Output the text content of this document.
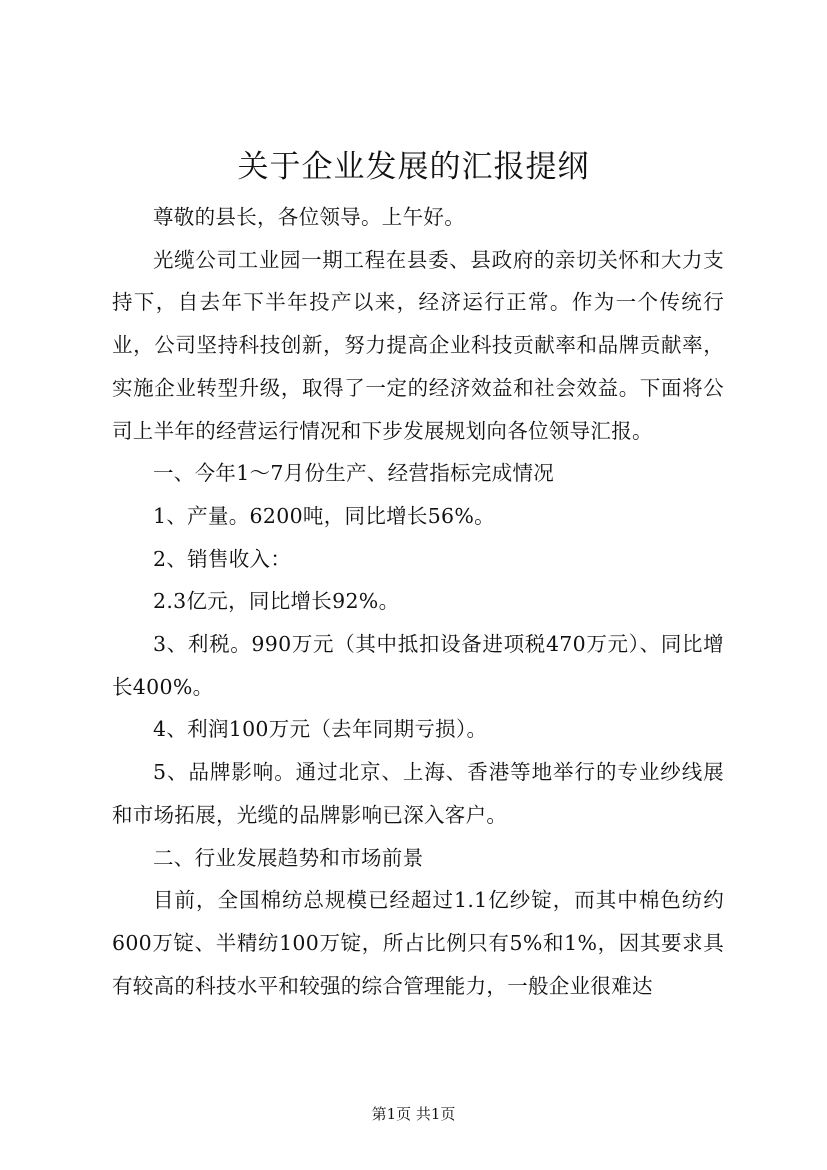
关于企业发展的汇报提纲

尊敬的县长，各位领导。上午好。

光缆公司工业园一期工程在县委、县政府的亲切关怀和大力支持下，自去年下半年投产以来，经济运行正常。作为一个传统行业，公司坚持科技创新，努力提高企业科技贡献率和品牌贡献率，实施企业转型升级，取得了一定的经济效益和社会效益。下面将公司上半年的经营运行情况和下步发展规划向各位领导汇报。

一、今年1～7月份生产、经营指标完成情况

1、产量。6200吨，同比增长56%。

2、销售收入：

2.3亿元，同比增长92%。

3、利税。990万元（其中抵扣设备进项税470万元）、同比增长400%。

4、利润100万元（去年同期亏损）。

5、品牌影响。通过北京、上海、香港等地举行的专业纱线展和市场拓展，光缆的品牌影响已深入客户。

二、行业发展趋势和市场前景

目前，全国棉纺总规模已经超过1.1亿纱锭，而其中棉色纺约600万锭、半精纺100万锭，所占比例只有5%和1%，因其要求具有较高的科技水平和较强的综合管理能力，一般企业很难达

第1页 共1页
